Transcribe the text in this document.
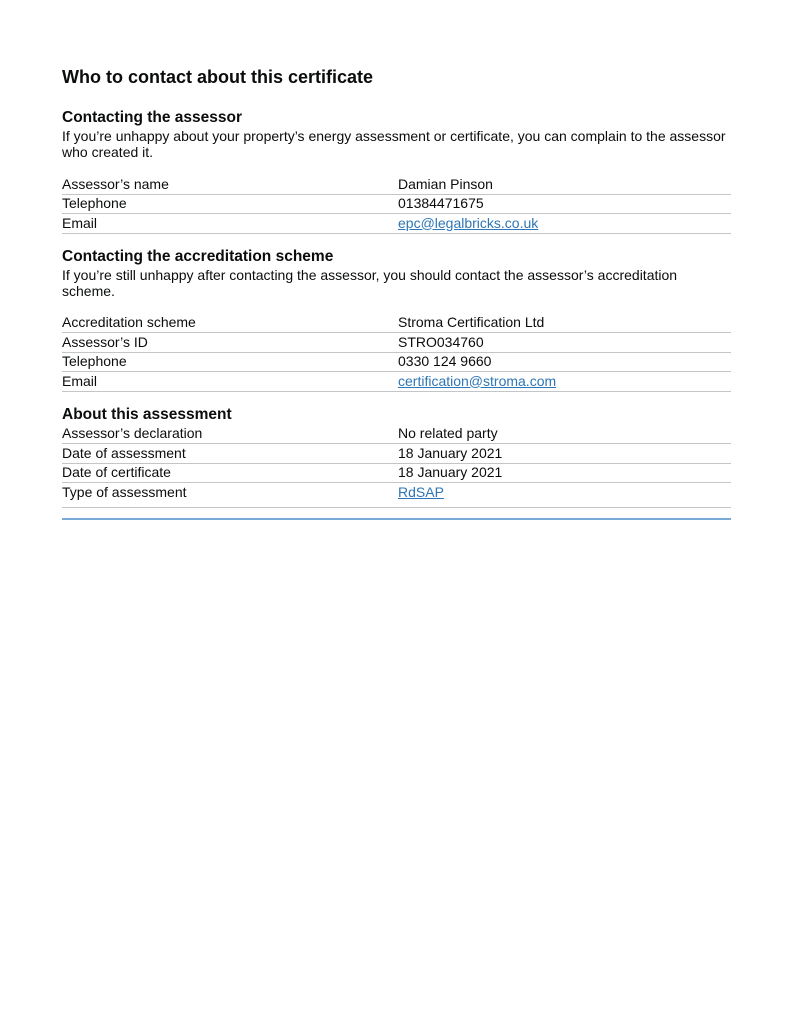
Who to contact about this certificate
Contacting the assessor

If you’re unhappy about your property’s energy assessment or certificate, you can complain to the assessor who created it.

Assessor’s name	Damian Pinson
Telephone	01384471675
Email	epc@legalbricks.co.uk
Contacting the accreditation scheme

If you’re still unhappy after contacting the assessor, you should contact the assessor’s accreditation scheme.

Accreditation scheme	Stroma Certification Ltd
Assessor’s ID	STRO034760
Telephone	0330 124 9660
Email	certification@stroma.com
About this assessment
Assessor’s declaration	No related party
Date of assessment	18 January 2021
Date of certificate	18 January 2021
Type of assessment	RdSAP
